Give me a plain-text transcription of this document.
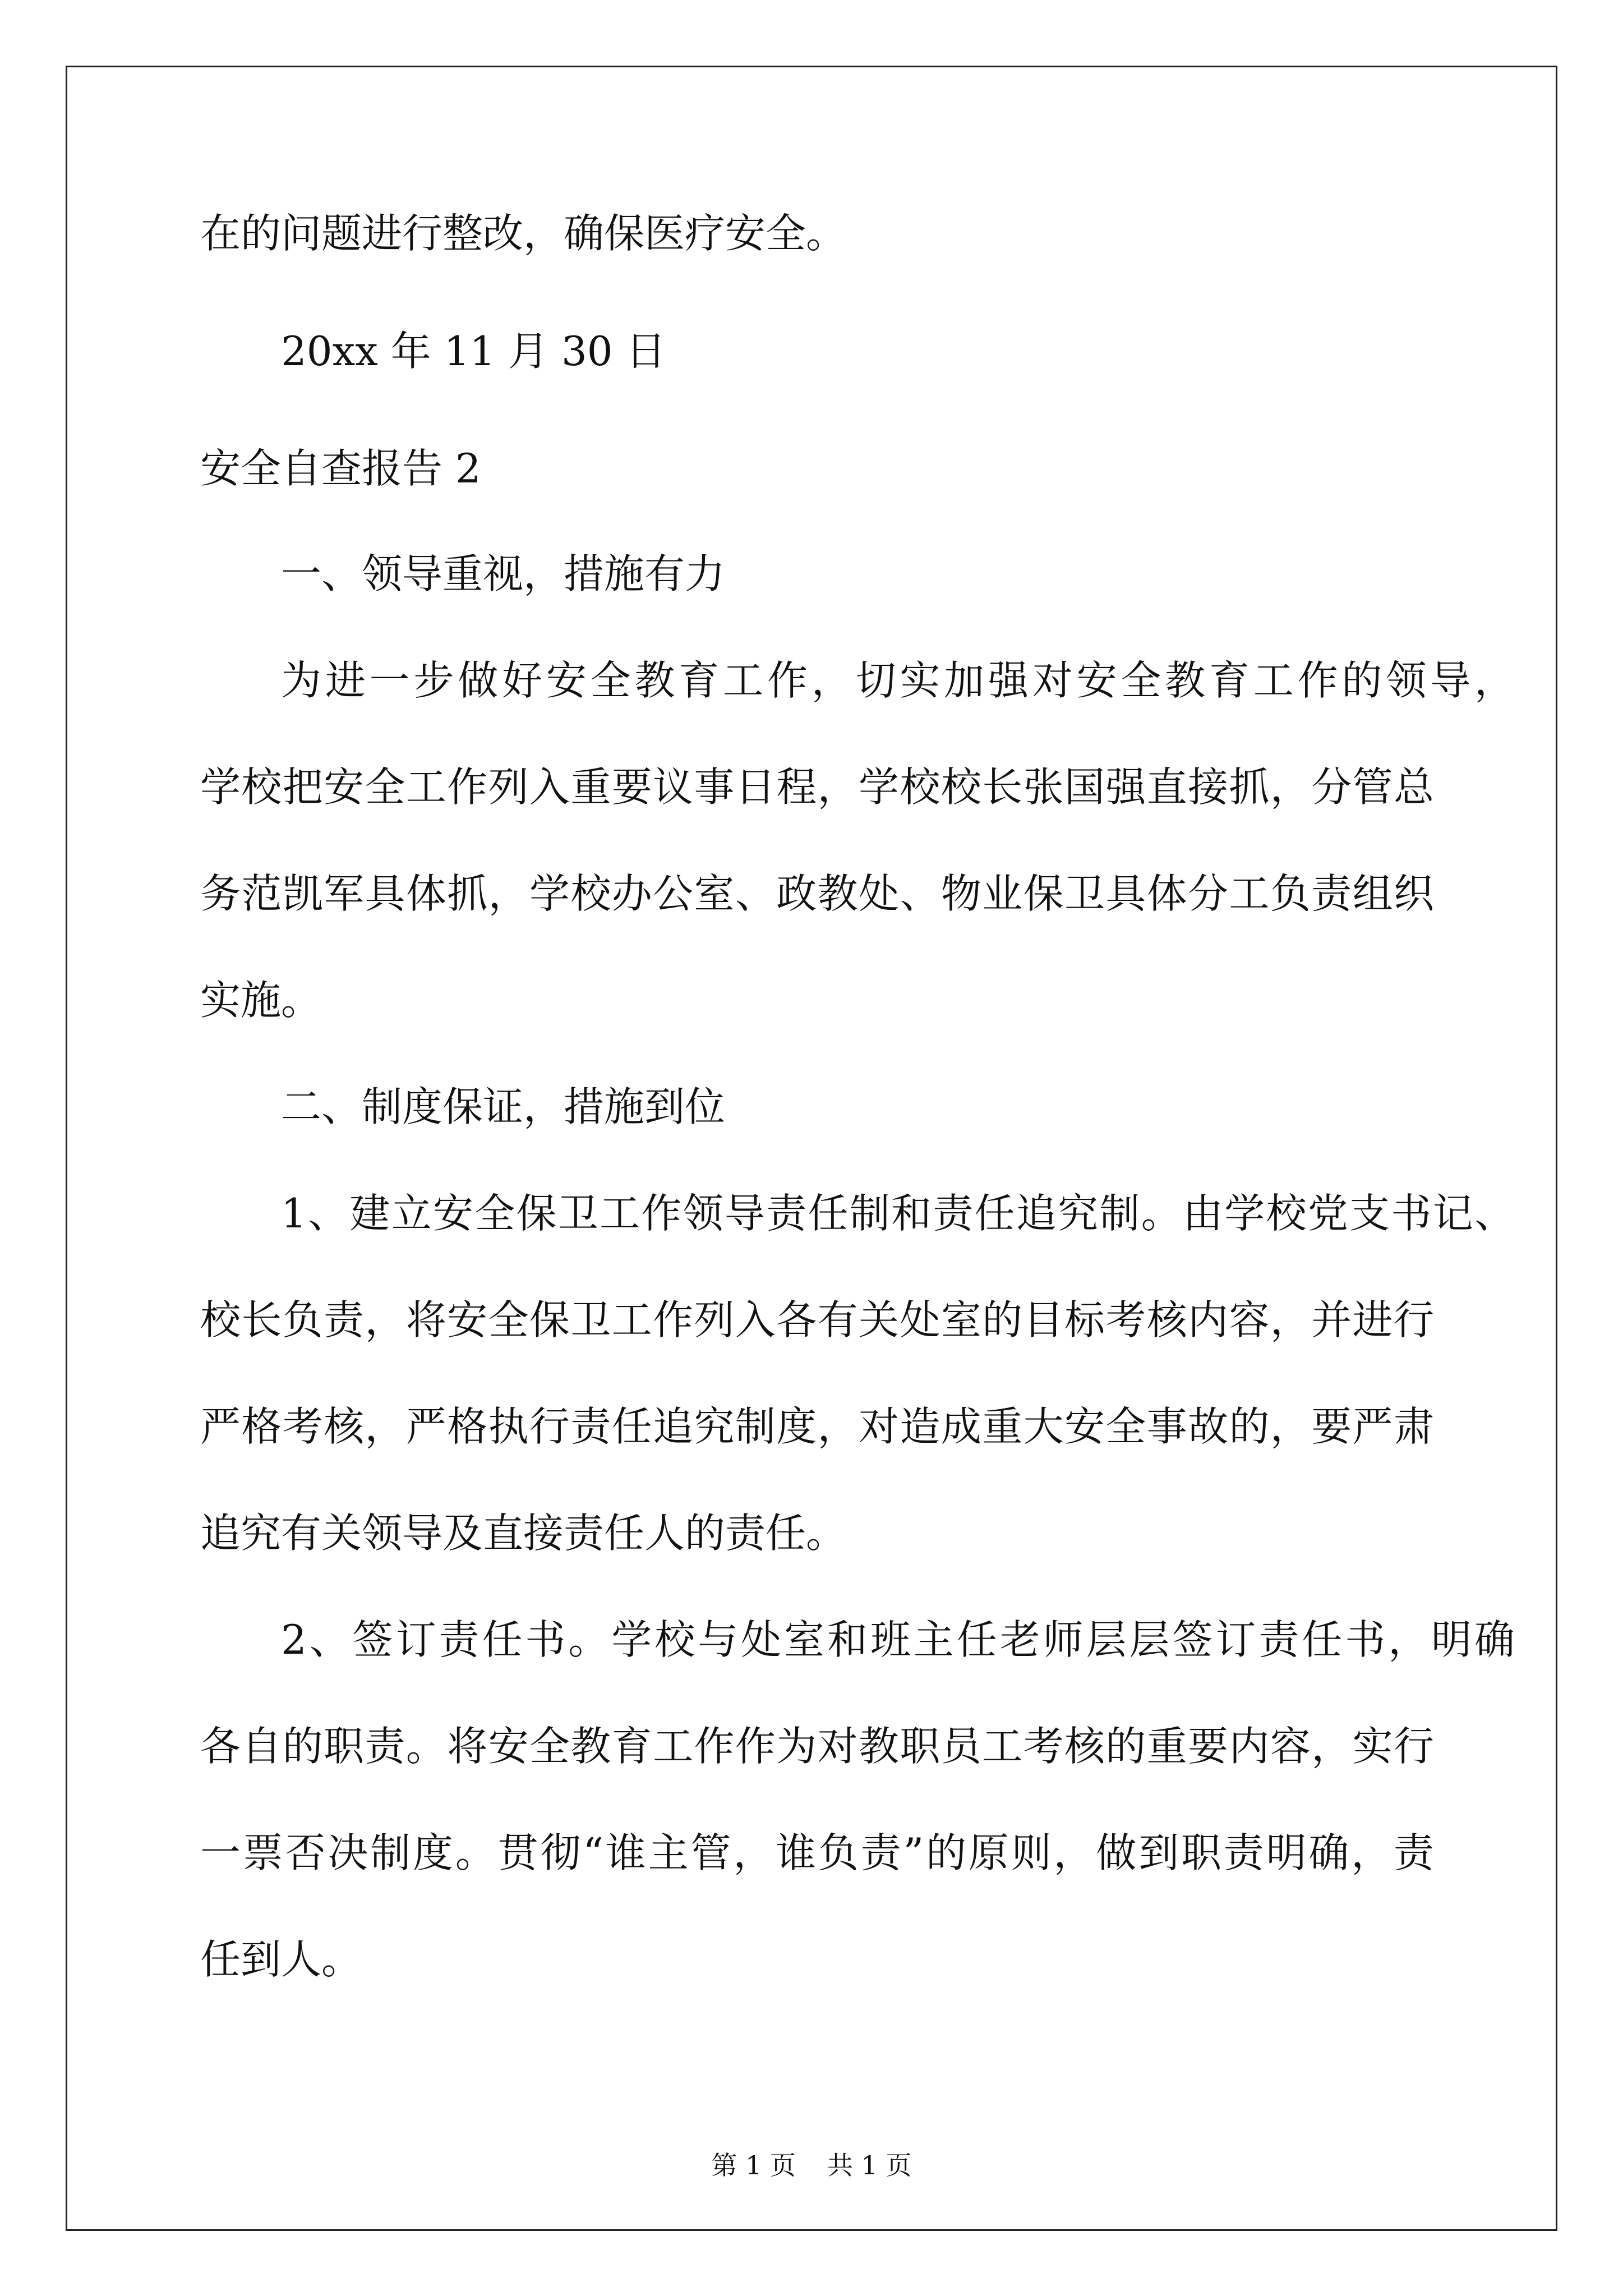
在的问题进行整改，确保医疗安全。
20xx 年 11 月 30 日
安全自查报告 2
一、领导重视，措施有力
为进一步做好安全教育工作，切实加强对安全教育工作的领导，
学校把安全工作列入重要议事日程，学校校长张国强直接抓，分管总
务范凯军具体抓，学校办公室、政教处、物业保卫具体分工负责组织
实施。
二、制度保证，措施到位
1、建立安全保卫工作领导责任制和责任追究制。由学校党支书记、
校长负责，将安全保卫工作列入各有关处室的目标考核内容，并进行
严格考核，严格执行责任追究制度，对造成重大安全事故的，要严肃
追究有关领导及直接责任人的责任。
2、签订责任书。学校与处室和班主任老师层层签订责任书，明确
各自的职责。将安全教育工作作为对教职员工考核的重要内容，实行
一票否决制度。贯彻“谁主管，谁负责”的原则，做到职责明确，责
任到人。
第 1 页 共 1 页
